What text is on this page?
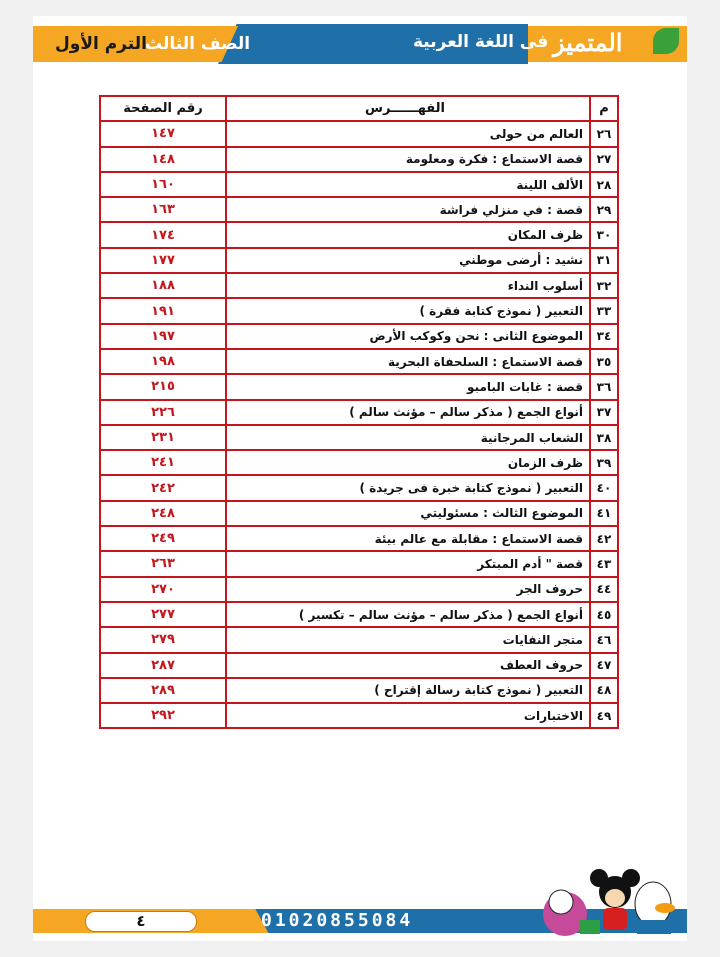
المتميز
فى اللغة العربية
الصف الثالث
الترم الأول
م	الفهــــــرس	رقم الصفحة
٢٦	العالم من حولى	١٤٧
٢٧	قصة الاستماع : فكرة ومعلومة	١٤٨
٢٨	الألف اللينة	١٦٠
٢٩	قصة : في منزلي فراشة	١٦٣
٣٠	ظرف المكان	١٧٤
٣١	نشيد : أرضى موطني	١٧٧
٣٢	أسلوب النداء	١٨٨
٣٣	التعبير ( نموذج كتابة فقرة )	١٩١
٣٤	الموضوع الثانى : نحن وكوكب الأرض	١٩٧
٣٥	قصة الاستماع : السلحفاة البحرية	١٩٨
٣٦	قصة : غابات البامبو	٢١٥
٣٧	أنواع الجمع ( مذكر سالم – مؤنث سالم )	٢٢٦
٣٨	الشعاب المرجانية	٢٣١
٣٩	ظرف الزمان	٢٤١
٤٠	التعبير ( نموذج كتابة خبرة فى جريدة )	٢٤٢
٤١	الموضوع الثالث : مسئوليتي	٢٤٨
٤٢	قصة الاستماع : مقابلة مع عالم بيئة	٢٤٩
٤٣	قصة " أدم المبتكر	٢٦٣
٤٤	حروف الجر	٢٧٠
٤٥	أنواع الجمع ( مذكر سالم – مؤنث سالم – تكسير )	٢٧٧
٤٦	متجر النفايات	٢٧٩
٤٧	حروف العطف	٢٨٧
٤٨	التعبير ( نموذج كتابة رسالة إقتراح )	٢٨٩
٤٩	الاختبارات	٢٩٢
٤	01020855084
